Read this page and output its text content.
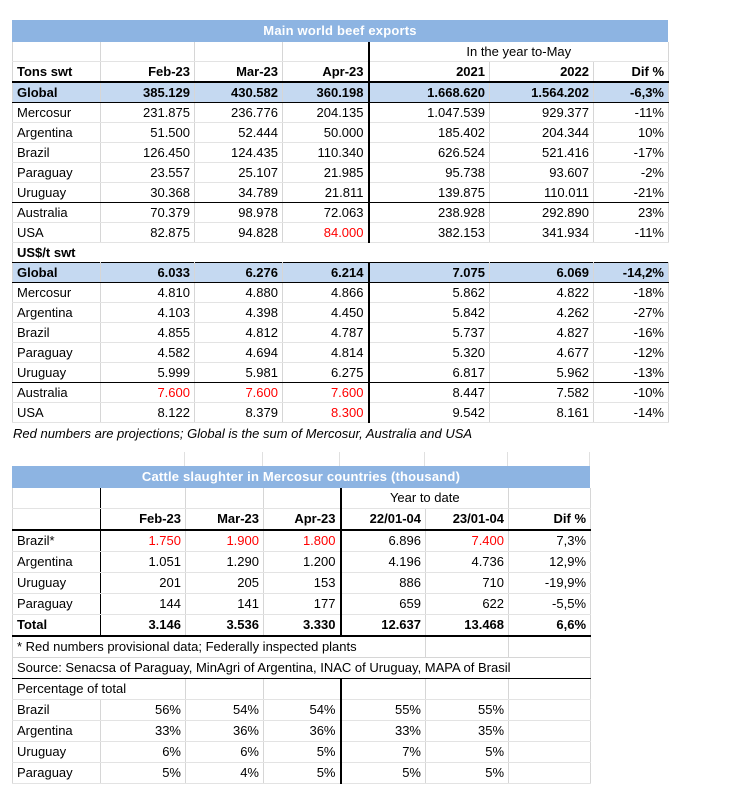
Main world beef exports
				In the year to-May		
Tons swt	Feb-23	Mar-23	Apr-23	2021	2022	Dif %
Global	385.129	430.582	360.198	1.668.620	1.564.202	-6,3%
Mercosur	231.875	236.776	204.135	1.047.539	929.377	-11%
Argentina	51.500	52.444	50.000	185.402	204.344	10%
Brazil	126.450	124.435	110.340	626.524	521.416	-17%
Paraguay	23.557	25.107	21.985	95.738	93.607	-2%
Uruguay	30.368	34.789	21.811	139.875	110.011	-21%
Australia	70.379	98.978	72.063	238.928	292.890	23%
USA	82.875	94.828	84.000	382.153	341.934	-11%
US$/t swt						
Global	6.033	6.276	6.214	7.075	6.069	-14,2%
Mercosur	4.810	4.880	4.866	5.862	4.822	-18%
Argentina	4.103	4.398	4.450	5.842	4.262	-27%
Brazil	4.855	4.812	4.787	5.737	4.827	-16%
Paraguay	4.582	4.694	4.814	5.320	4.677	-12%
Uruguay	5.999	5.981	6.275	6.817	5.962	-13%
Australia	7.600	7.600	7.600	8.447	7.582	-10%
USA	8.122	8.379	8.300	9.542	8.161	-14%
Red numbers are projections; Global is the sum of Mercosur, Australia and USA
Cattle slaughter in Mercosur countries (thousand)
				Year to date		
	Feb-23	Mar-23	Apr-23	22/01-04	23/01-04	Dif %
Brazil*	1.750	1.900	1.800	6.896	7.400	7,3%
Argentina	1.051	1.290	1.200	4.196	4.736	12,9%
Uruguay	201	205	153	886	710	-19,9%
Paraguay	144	141	177	659	622	-5,5%
Total	3.146	3.536	3.330	12.637	13.468	6,6%
* Red numbers provisional data; Federally inspected plants						
Source: Senacsa of Paraguay, MinAgri of Argentina, INAC of Uruguay, MAPA of Brasil						
Percentage of total						
Brazil	56%	54%	54%	55%	55%	
Argentina	33%	36%	36%	33%	35%	
Uruguay	6%	6%	5%	7%	5%	
Paraguay	5%	4%	5%	5%	5%	
